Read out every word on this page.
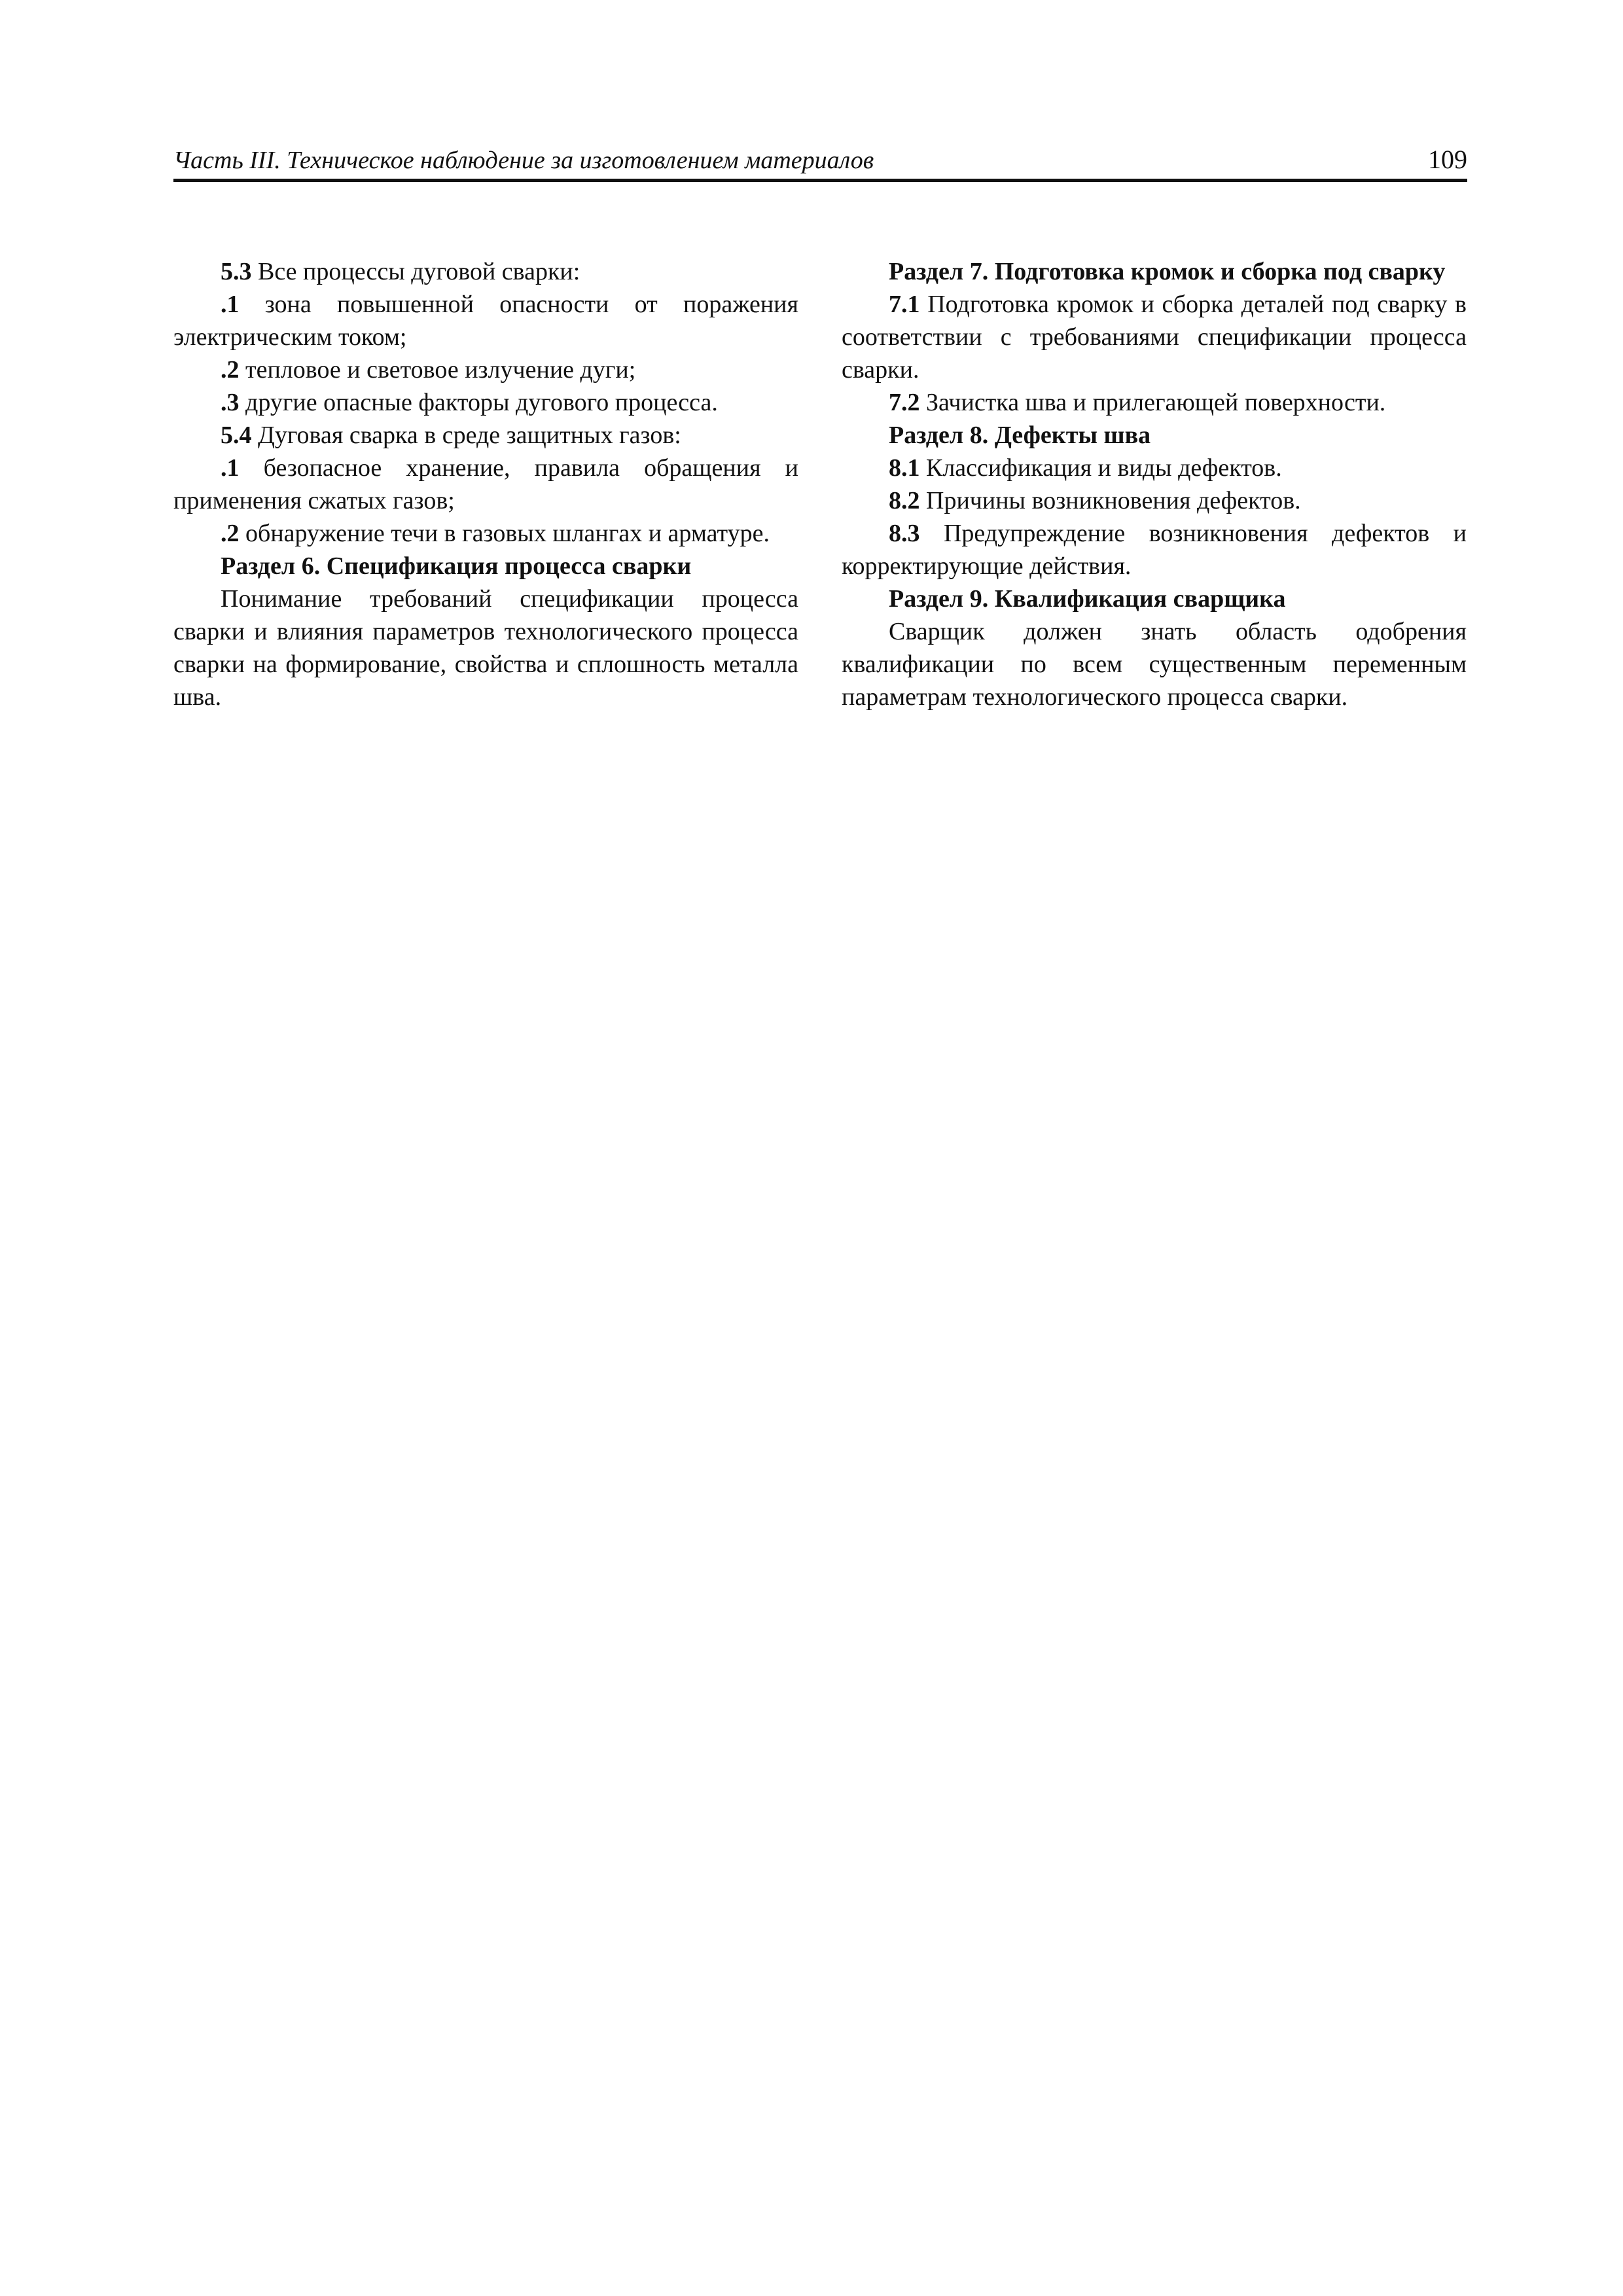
Часть III. Техническое наблюдение за изготовлением материалов	109

5.3 Все процессы дуговой сварки:

.1 зона повышенной опасности от поражения электрическим током;

.2 тепловое и световое излучение дуги;

.3 другие опасные факторы дугового процесса.

5.4 Дуговая сварка в среде защитных газов:

.1 безопасное хранение, правила обращения и применения сжатых газов;

.2 обнаружение течи в газовых шлангах и арматуре.

Раздел 6. Спецификация процесса сварки

Понимание требований спецификации процесса сварки и влияния параметров технологического процесса сварки на формирование, свойства и сплошность металла шва.

Раздел 7. Подготовка кромок и сборка под сварку

7.1 Подготовка кромок и сборка деталей под сварку в соответствии с требованиями спецификации процесса сварки.

7.2 Зачистка шва и прилегающей поверхности.

Раздел 8. Дефекты шва

8.1 Классификация и виды дефектов.

8.2 Причины возникновения дефектов.

8.3 Предупреждение возникновения дефектов и корректирующие действия.

Раздел 9. Квалификация сварщика

Сварщик должен знать область одобрения квалификации по всем существенным переменным параметрам технологического процесса сварки.
